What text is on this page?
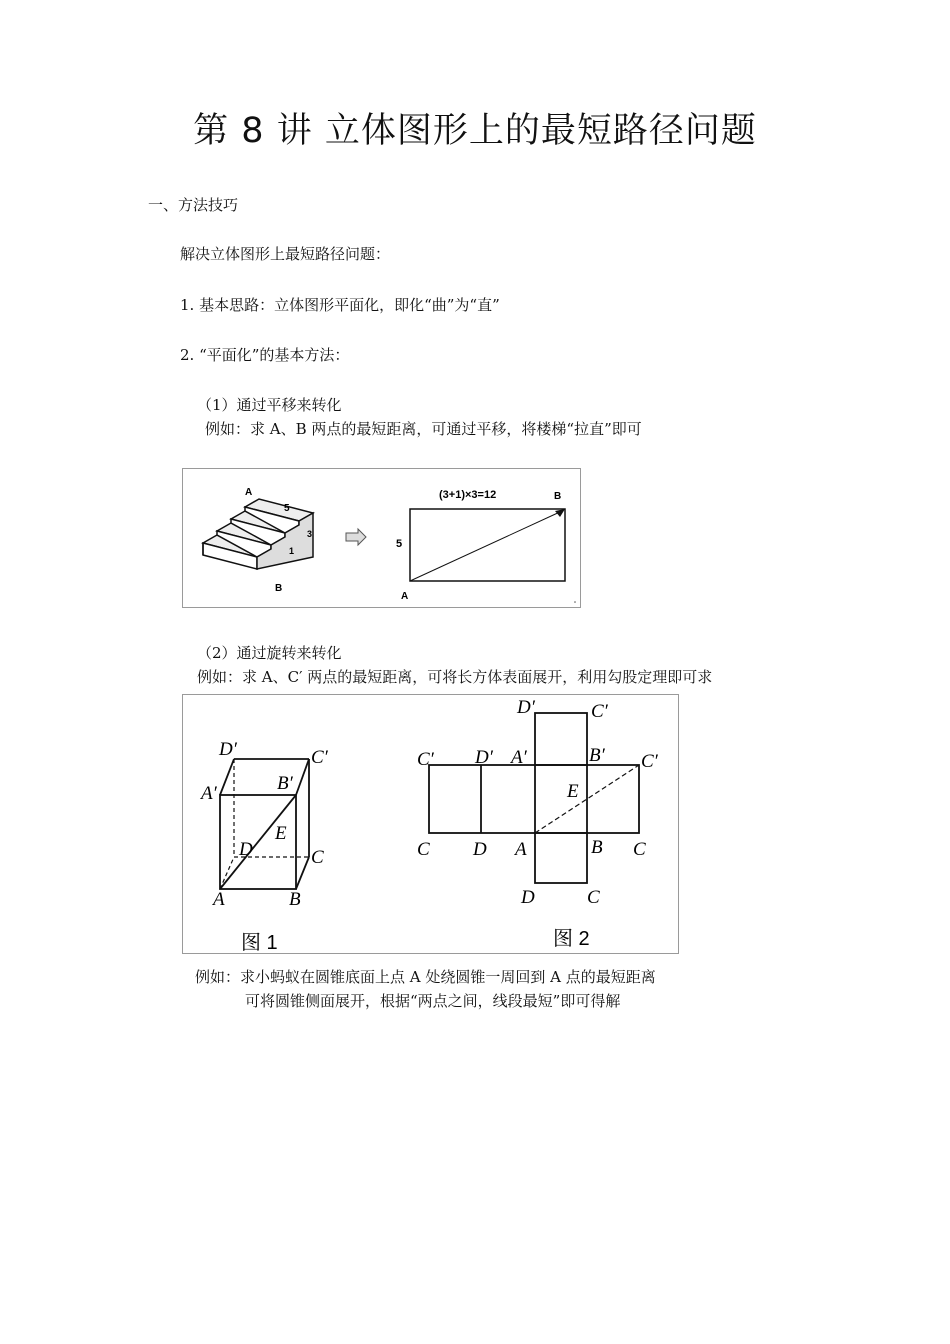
第 8 讲 立体图形上的最短路径问题
一、方法技巧
解决立体图形上最短路径问题：
1. 基本思路：立体图形平面化，即化“曲”为“直”
2. “平面化”的基本方法：
（1）通过平移来转化
例如：求 A、B 两点的最短距离，可通过平移，将楼梯“拉直”即可
A
B
5
3
1
(3+1)×3=12	B
A
5
（2）通过旋转来转化
例如：求 A、C′ 两点的最短距离，可将长方体表面展开，利用勾股定理即可求
D′	C′
A′	B′
E
D	C
A	B
图 1
D′	C′
C′ D′ A′	B′ C′
E
C D A	B C
D	C
图 2
例如：求小蚂蚁在圆锥底面上点 A 处绕圆锥一周回到 A 点的最短距离
可将圆锥侧面展开，根据“两点之间，线段最短”即可得解
